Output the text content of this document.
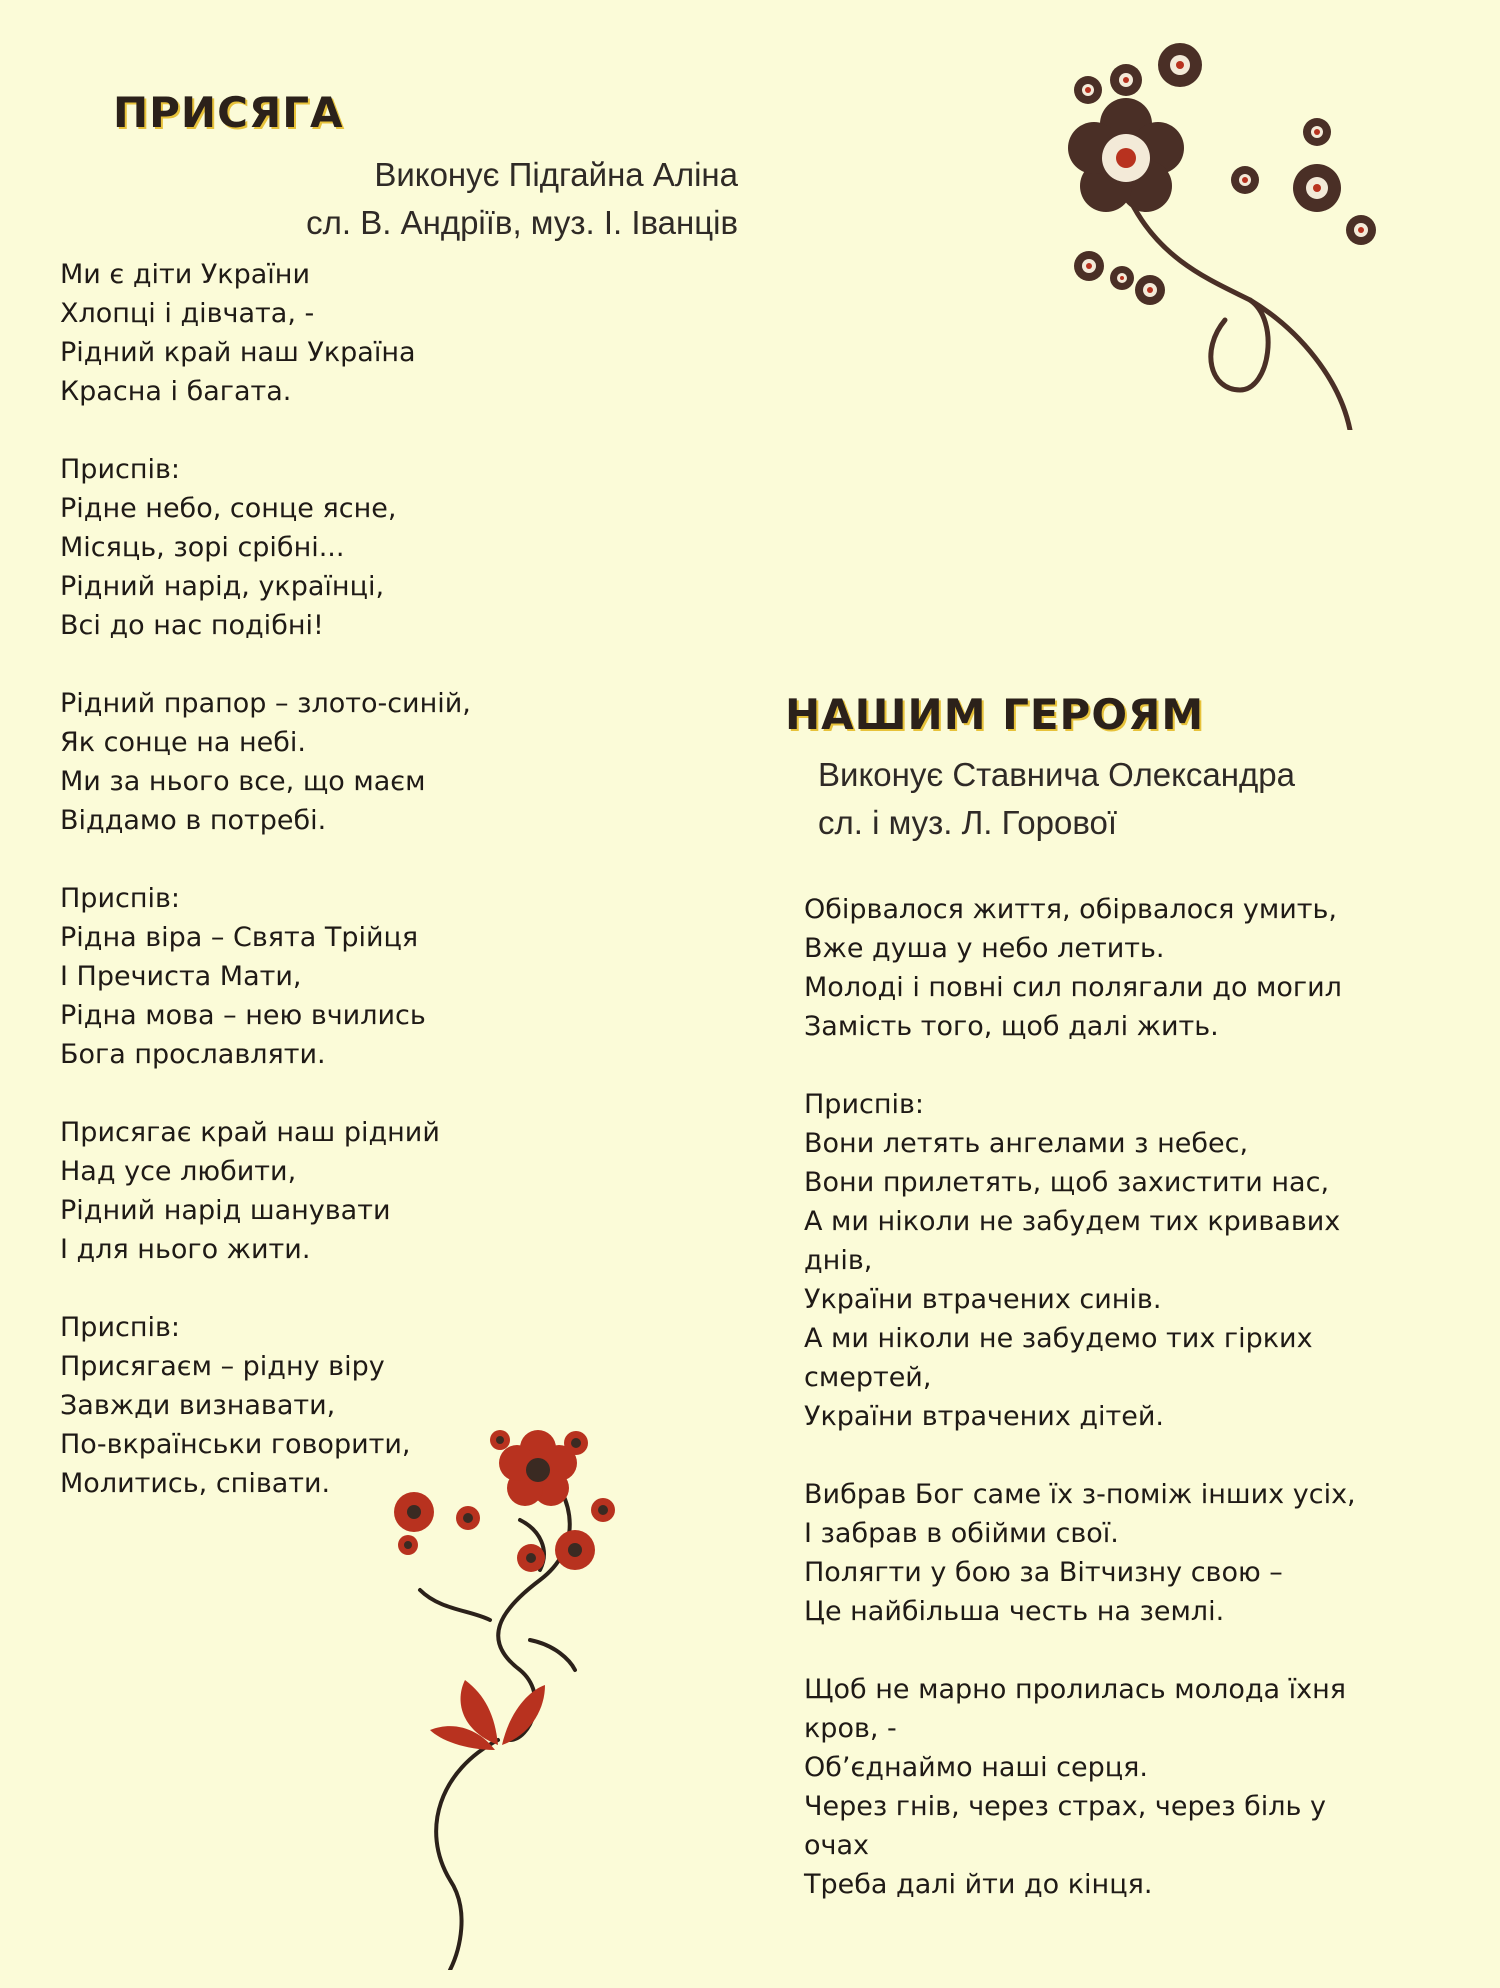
ПРИСЯГА
Виконує Підгайна Аліна
сл. В. Андріїв, муз. І. Іванців
Ми є діти України
Хлопці і дівчата, -
Рідний край наш Україна
Красна і багата.
Приспів:
Рідне небо, сонце ясне,
Місяць, зорі срібні...
Рідний нарід, українці,
Всі до нас подібні!
Рідний прапор – злото-синій,
Як сонце на небі.
Ми за нього все, що маєм
Віддамо в потребі.
Приспів:
Рідна віра – Свята Трійця
І Пречиста Мати,
Рідна мова – нею вчились
Бога прославляти.
Присягає край наш рідний
Над усе любити,
Рідний нарід шанувати
І для нього жити.
Приспів:
Присягаєм – рідну віру
Завжди визнавати,
По-вкраїнськи говорити,
Молитись, співати.
НАШИМ ГЕРОЯМ
Виконує Ставнича Олександра
сл. і муз. Л. Горової
Обірвалося життя, обірвалося умить,
Вже душа у небо летить.
Молоді і повні сил полягали до могил
Замість того, щоб далі жить.
Приспів:
Вони летять ангелами з небес,
Вони прилетять, щоб захистити нас,
А ми ніколи не забудем тих кривавих
днів,
України втрачених синів.
А ми ніколи не забудемо тих гірких
смертей,
України втрачених дітей.
Вибрав Бог саме їх з-поміж інших усіх,
І забрав в обійми свої.
Полягти у бою за Вітчизну свою –
Це найбільша честь на землі.
Щоб не марно пролилась молода їхня
кров, -
Об’єднаймо наші серця.
Через гнів, через страх, через біль у
очах
Треба далі йти до кінця.
